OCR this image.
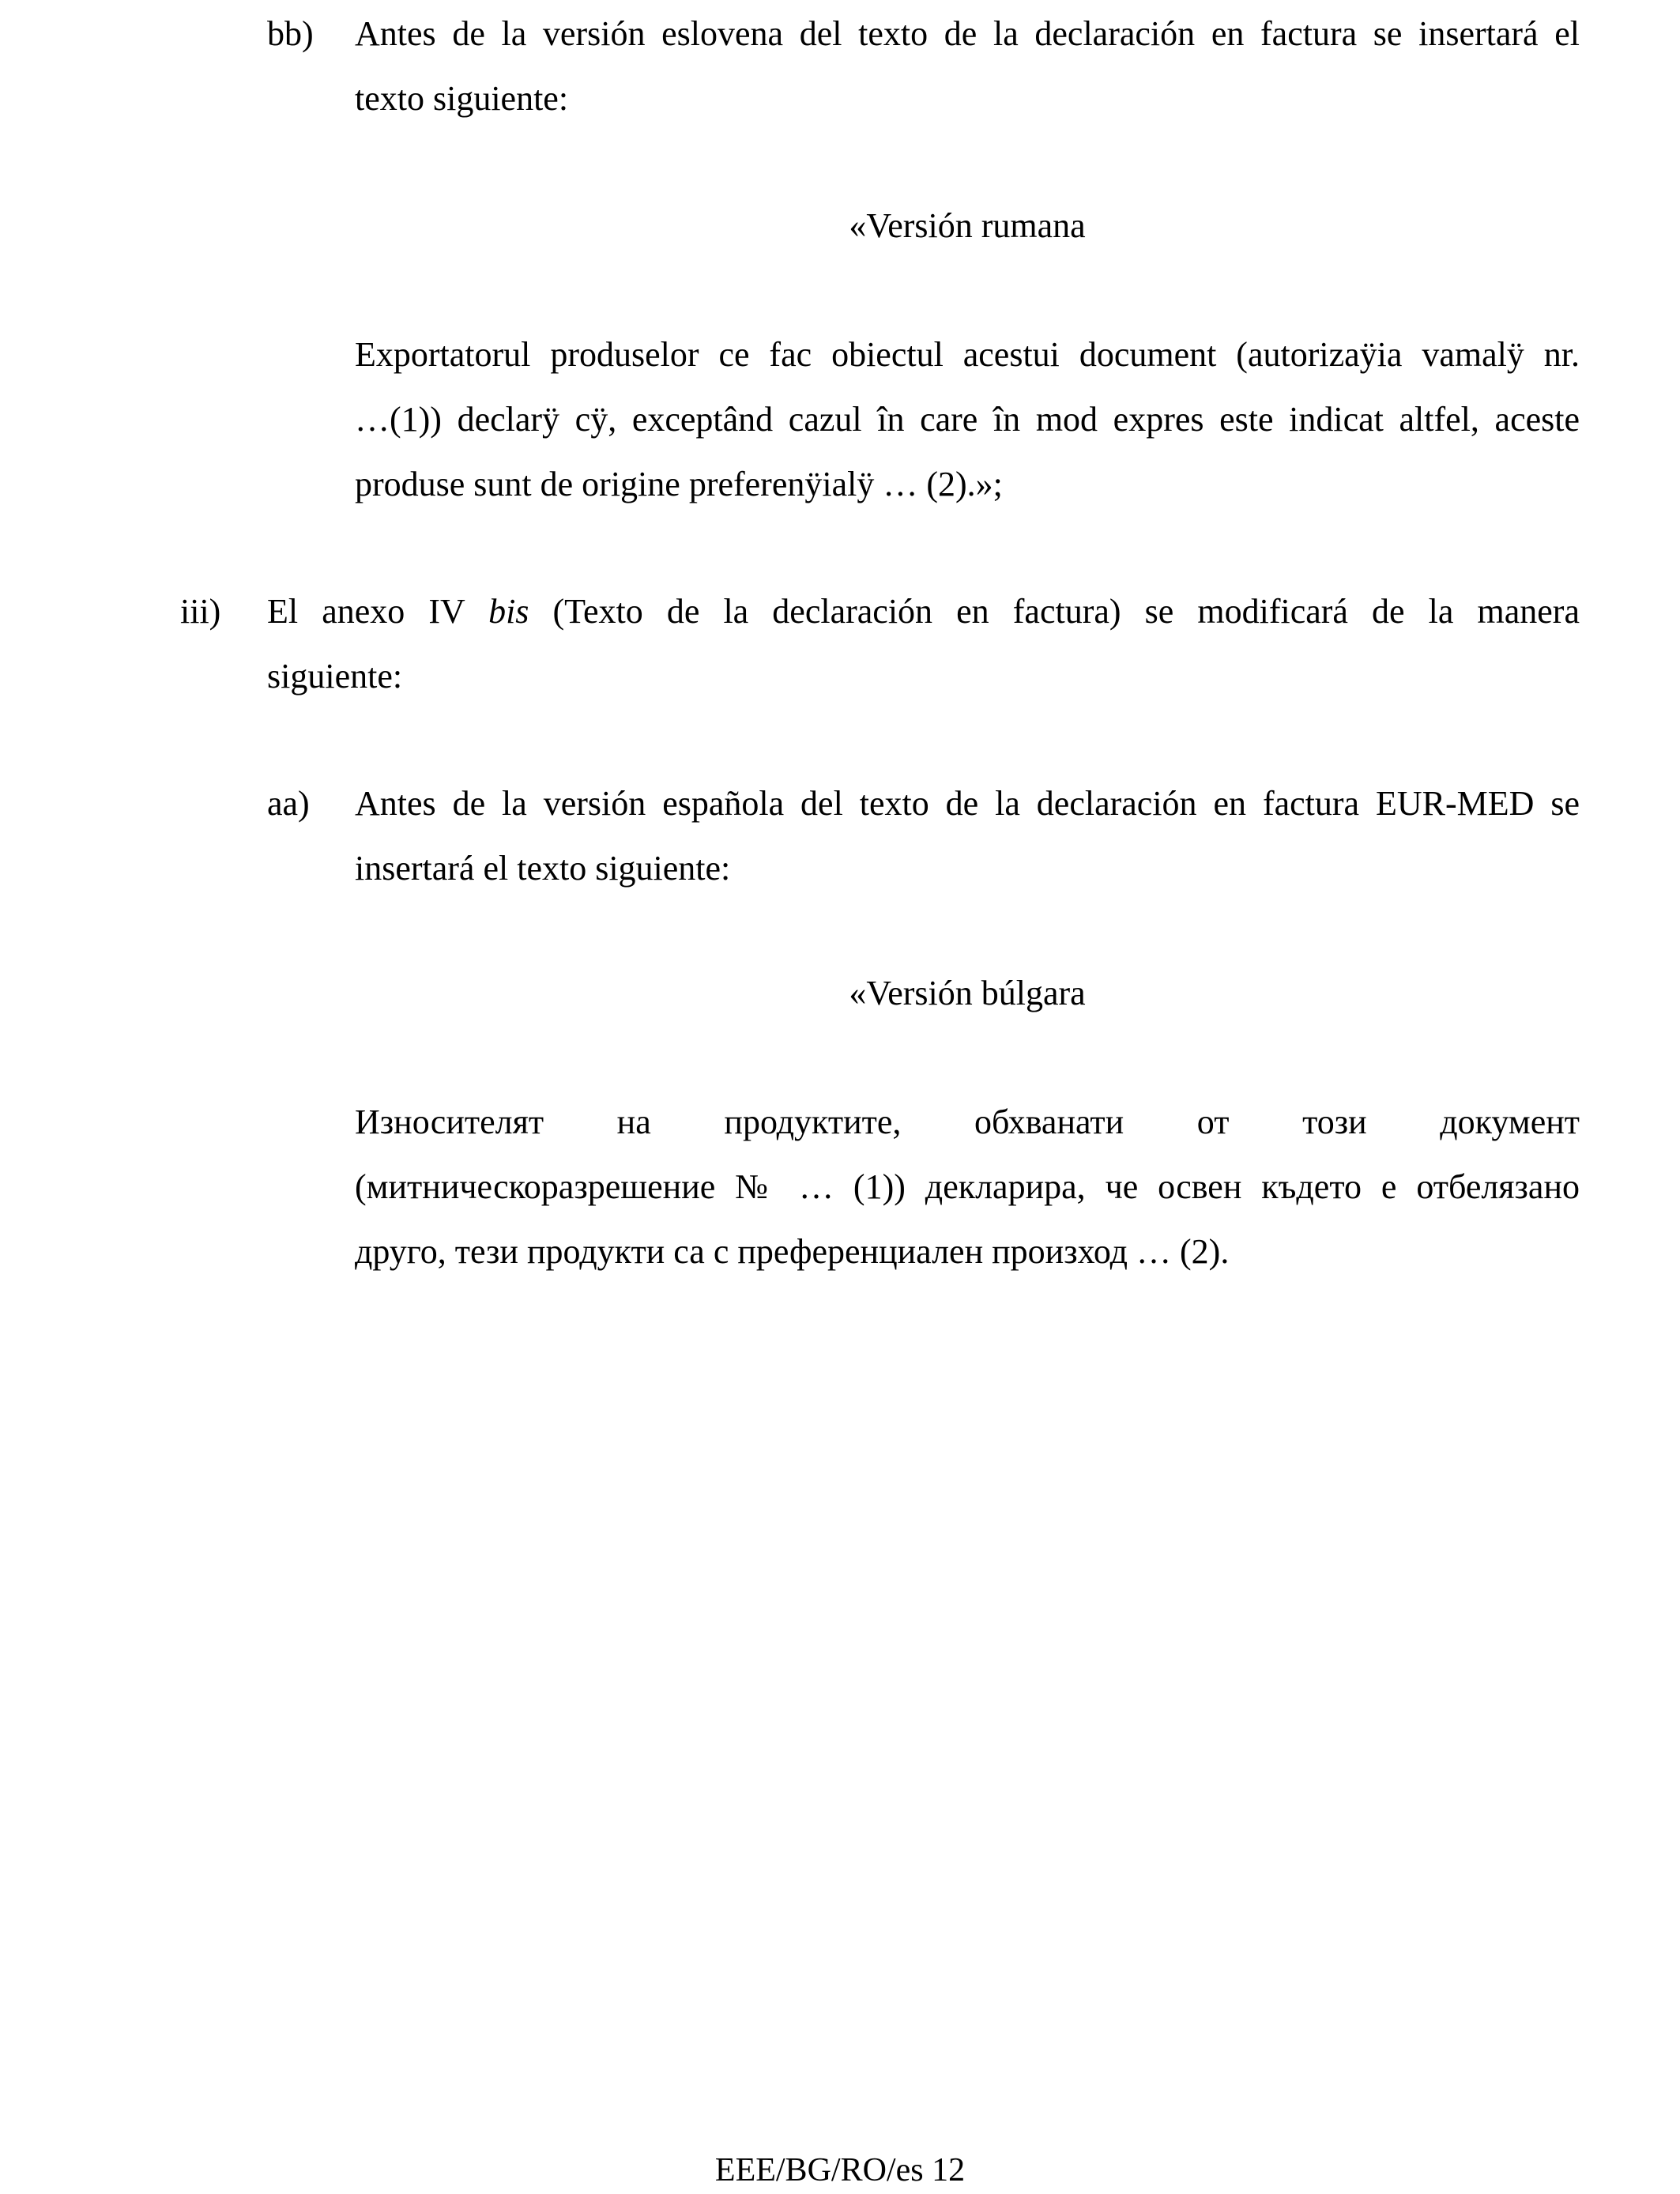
bb) Antes de la versión eslovena del texto de la declaración en factura se insertará el
texto siguiente:
«Versión rumana
Exportatorul produselor ce fac obiectul acestui document (autorizaÿia vamalÿ nr.
…(1)) declarÿ cÿ, exceptând cazul în care în mod expres este indicat altfel, aceste
produse sunt de origine preferenÿialÿ … (2).»;
iii) El anexo IV bis (Texto de la declaración en factura) se modificará de la manera
siguiente:
aa) Antes de la versión española del texto de la declaración en factura EUR-MED se
insertará el texto siguiente:
«Versión búlgara
Износителят на продуктите, обхванати от този документ
(митническоразрешение № … (1)) декларира, че освен където е отбелязано
друго, тези продукти са с преференциален произход … (2).
EEE/BG/RO/es 12
